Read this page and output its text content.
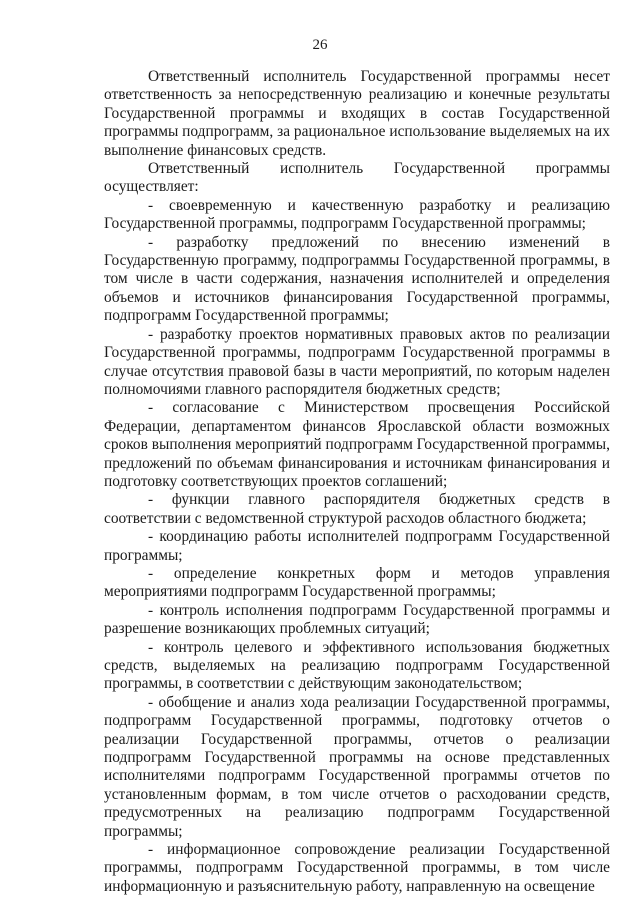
26

Ответственный исполнитель Государственной программы несет ответственность за непосредственную реализацию и конечные результаты Государственной программы и входящих в состав Государственной программы подпрограмм, за рациональное использование выделяемых на их выполнение финансовых средств.

Ответственный исполнитель Государственной программы осуществляет:

- своевременную и качественную разработку и реализацию Государственной программы, подпрограмм Государственной программы;

- разработку предложений по внесению изменений в Государственную программу, подпрограммы Государственной программы, в том числе в части содержания, назначения исполнителей и определения объемов и источников финансирования Государственной программы, подпрограмм Государственной программы;

- разработку проектов нормативных правовых актов по реализации Государственной программы, подпрограмм Государственной программы в случае отсутствия правовой базы в части мероприятий, по которым наделен полномочиями главного распорядителя бюджетных средств;

- согласование с Министерством просвещения Российской Федерации, департаментом финансов Ярославской области возможных сроков выполнения мероприятий подпрограмм Государственной программы, предложений по объемам финансирования и источникам финансирования и подготовку соответствующих проектов соглашений;

- функции главного распорядителя бюджетных средств в соответствии с ведомственной структурой расходов областного бюджета;

- координацию работы исполнителей подпрограмм Государственной программы;

- определение конкретных форм и методов управления мероприятиями подпрограмм Государственной программы;

- контроль исполнения подпрограмм Государственной программы и разрешение возникающих проблемных ситуаций;

- контроль целевого и эффективного использования бюджетных средств, выделяемых на реализацию подпрограмм Государственной программы, в соответствии с действующим законодательством;

- обобщение и анализ хода реализации Государственной программы, подпрограмм Государственной программы, подготовку отчетов о реализации Государственной программы, отчетов о реализации подпрограмм Государственной программы на основе представленных исполнителями подпрограмм Государственной программы отчетов по установленным формам, в том числе отчетов о расходовании средств, предусмотренных на реализацию подпрограмм Государственной программы;

- информационное сопровождение реализации Государственной программы, подпрограмм Государственной программы, в том числе информационную и разъяснительную работу, направленную на освещение
